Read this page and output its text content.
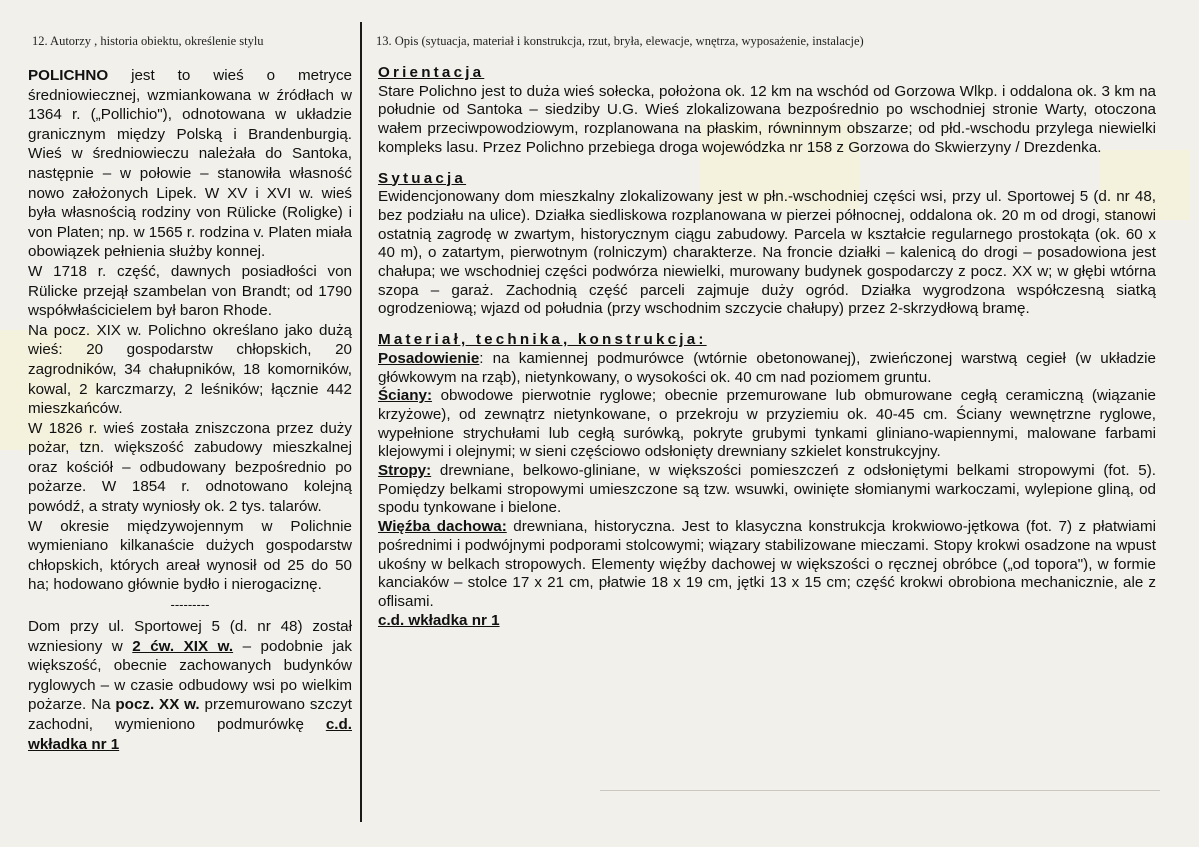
12. Autorzy , historia obiektu, określenie stylu	13. Opis (sytuacja, materiał i konstrukcja, rzut, bryła, elewacje, wnętrza, wyposażenie, instalacje)

POLICHNO jest to wieś o metryce średniowiecznej, wzmiankowana w źródłach w 1364 r. („Pollichio"), odnotowana w układzie granicznym między Polską i Brandenburgią. Wieś w średniowieczu należała do Santoka, następnie – w połowie – stanowiła własność nowo założonych Lipek. W XV i XVI w. wieś była własnością rodziny von Rülicke (Roligke) i von Platen; np. w 1565 r. rodzina v. Platen miała obowiązek pełnienia służby konnej.

W 1718 r. część, dawnych posiadłości von Rülicke przejął szambelan von Brandt; od 1790 współwłaścicielem był baron Rhode.

Na pocz. XIX w. Polichno określano jako dużą wieś: 20 gospodarstw chłopskich, 20 zagrodników, 34 chałupników, 18 komorników, kowal, 2 karczmarzy, 2 leśników; łącznie 442 mieszkańców.

W 1826 r. wieś została zniszczona przez duży pożar, tzn. większość zabudowy mieszkalnej oraz kościół – odbudowany bezpośrednio po pożarze. W 1854 r. odnotowano kolejną powódź, a straty wyniosły ok. 2 tys. talarów.

W okresie międzywojennym w Polichnie wymieniano kilkanaście dużych gospodarstw chłopskich, których areał wynosił od 25 do 50 ha; hodowano głównie bydło i nierogaciznę.

---------

Dom przy ul. Sportowej 5 (d. nr 48) został wzniesiony w 2 ćw. XIX w. – podobnie jak większość, obecnie zachowanych budynków ryglowych – w czasie odbudowy wsi po wielkim pożarze. Na pocz. XX w. przemurowano szczyt zachodni, wymieniono podmurówkę c.d. wkładka nr 1

Orientacja

Stare Polichno jest to duża wieś sołecka, położona ok. 12 km na wschód od Gorzowa Wlkp. i oddalona ok. 3 km na południe od Santoka – siedziby U.G. Wieś zlokalizowana bezpośrednio po wschodniej stronie Warty, otoczona wałem przeciwpowodziowym, rozplanowana na płaskim, równinnym obszarze; od płd.-wschodu przylega niewielki kompleks lasu. Przez Polichno przebiega droga wojewódzka nr 158 z Gorzowa do Skwierzyny / Drezdenka.

Sytuacja

Ewidencjonowany dom mieszkalny zlokalizowany jest w płn.-wschodniej części wsi, przy ul. Sportowej 5 (d. nr 48, bez podziału na ulice). Działka siedliskowa rozplanowana w pierzei północnej, oddalona ok. 20 m od drogi, stanowi ostatnią zagrodę w zwartym, historycznym ciągu zabudowy. Parcela w kształcie regularnego prostokąta (ok. 60 x 40 m), o zatartym, pierwotnym (rolniczym) charakterze. Na froncie działki – kalenicą do drogi – posadowiona jest chałupa; we wschodniej części podwórza niewielki, murowany budynek gospodarczy z pocz. XX w; w głębi wtórna szopa – garaż. Zachodnią część parceli zajmuje duży ogród. Działka wygrodzona współczesną siatką ogrodzeniową; wjazd od południa (przy wschodnim szczycie chałupy) przez 2-skrzydłową bramę.

Materiał, technika, konstrukcja:

Posadowienie: na kamiennej podmurówce (wtórnie obetonowanej), zwieńczonej warstwą cegieł (w układzie główkowym na rząb), nietynkowany, o wysokości ok. 40 cm nad poziomem gruntu.

Ściany: obwodowe pierwotnie ryglowe; obecnie przemurowane lub obmurowane cegłą ceramiczną (wiązanie krzyżowe), od zewnątrz nietynkowane, o przekroju w przyziemiu ok. 40-45 cm. Ściany wewnętrzne ryglowe, wypełnione strychułami lub cegłą surówką, pokryte grubymi tynkami gliniano-wapiennymi, malowane farbami klejowymi i olejnymi; w sieni częściowo odsłonięty drewniany szkielet konstrukcyjny.

Stropy: drewniane, belkowo-gliniane, w większości pomieszczeń z odsłoniętymi belkami stropowymi (fot. 5). Pomiędzy belkami stropowymi umieszczone są tzw. wsuwki, owinięte słomianymi warkoczami, wylepione gliną, od spodu tynkowane i bielone.

Więźba dachowa: drewniana, historyczna. Jest to klasyczna konstrukcja krokwiowo-jętkowa (fot. 7) z płatwiami pośrednimi i podwójnymi podporami stolcowymi; wiązary stabilizowane mieczami. Stopy krokwi osadzone na wpust ukośny w belkach stropowych. Elementy więźby dachowej w większości o ręcznej obróbce („od topora"), w formie kanciaków – stolce 17 x 21 cm, płatwie 18 x 19 cm, jętki 13 x 15 cm; część krokwi obrobiona mechanicznie, ale z oflisami.

c.d. wkładka nr 1
